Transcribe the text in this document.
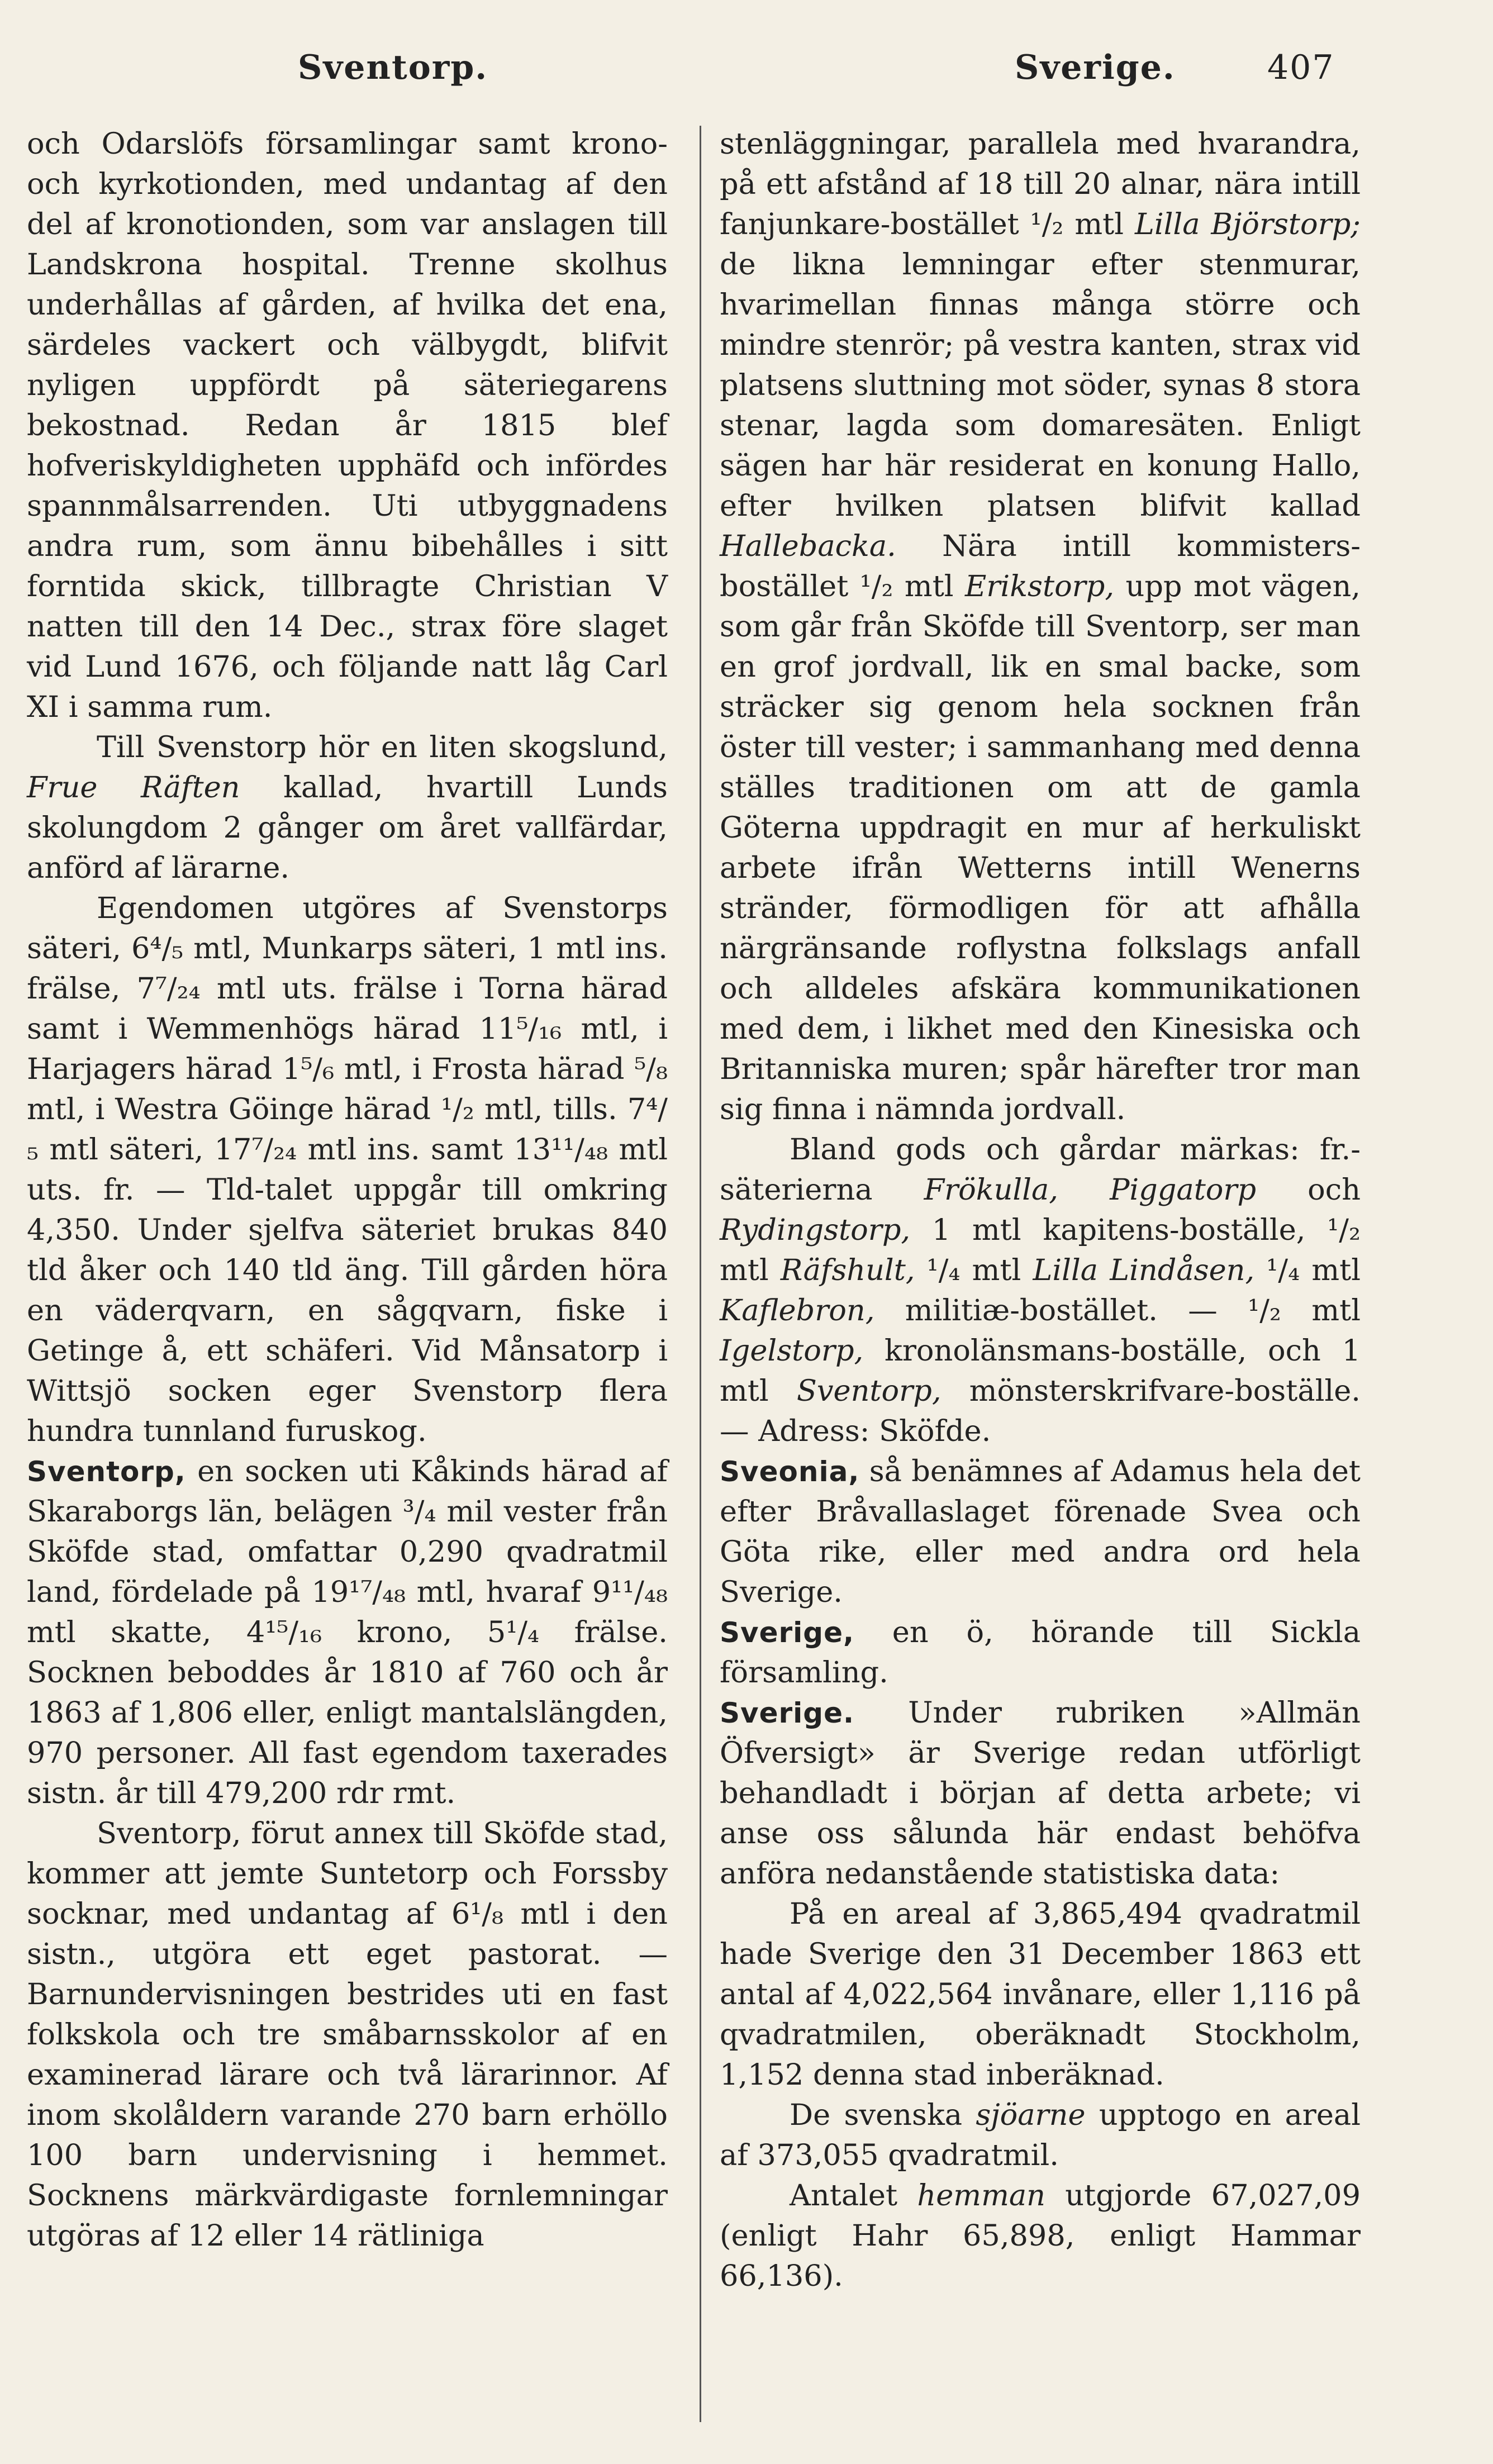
Sventorp.	Sverige.	407

och Odarslöfs församlingar samt krono- och kyrkotionden, med undantag af den del af kronotionden, som var anslagen till Landskrona hospital. Trenne skolhus underhållas af gården, af hvilka det ena, särdeles vackert och välbygdt, blifvit nyligen uppfördt på säteriegarens bekostnad. Redan år 1815 blef hofveriskyldigheten upphäfd och infördes spannmålsarrenden. Uti utbyggnadens andra rum, som ännu bibehålles i sitt forntida skick, tillbragte Christian V natten till den 14 Dec., strax före slaget vid Lund 1676, och följande natt låg Carl XI i samma rum.

Till Svenstorp hör en liten skogslund, Frue Räften kallad, hvartill Lunds skolungdom 2 gånger om året vallfärdar, anförd af lärarne.

Egendomen utgöres af Svenstorps säteri, 6⁴/₅ mtl, Munkarps säteri, 1 mtl ins. frälse, 7⁷/₂₄ mtl uts. frälse i Torna härad samt i Wemmenhögs härad 11⁵/₁₆ mtl, i Harjagers härad 1⁵/₆ mtl, i Frosta härad ⁵/₈ mtl, i Westra Göinge härad ¹/₂ mtl, tills. 7⁴/₅ mtl säteri, 17⁷/₂₄ mtl ins. samt 13¹¹/₄₈ mtl uts. fr. — Tld-talet uppgår till omkring 4,350. Under sjelfva säteriet brukas 840 tld åker och 140 tld äng. Till gården höra en väderqvarn, en sågqvarn, fiske i Getinge å, ett schäferi. Vid Månsatorp i Wittsjö socken eger Svenstorp flera hundra tunnland furuskog.

Sventorp, en socken uti Kåkinds härad af Skaraborgs län, belägen ³/₄ mil vester från Sköfde stad, omfattar 0,290 qvadratmil land, fördelade på 19¹⁷/₄₈ mtl, hvaraf 9¹¹/₄₈ mtl skatte, 4¹⁵/₁₆ krono, 5¹/₄ frälse. Socknen beboddes år 1810 af 760 och år 1863 af 1,806 eller, enligt mantalslängden, 970 personer. All fast egendom taxerades sistn. år till 479,200 rdr rmt.

Sventorp, förut annex till Sköfde stad, kommer att jemte Suntetorp och Forssby socknar, med undantag af 6¹/₈ mtl i den sistn., utgöra ett eget pastorat. — Barnundervisningen bestrides uti en fast folkskola och tre småbarnsskolor af en examinerad lärare och två lärarinnor. Af inom skolåldern varande 270 barn erhöllo 100 barn undervisning i hemmet. Socknens märkvärdigaste fornlemningar utgöras af 12 eller 14 rätliniga

stenläggningar, parallela med hvarandra, på ett afstånd af 18 till 20 alnar, nära intill fanjunkare-bostället ¹/₂ mtl Lilla Björstorp; de likna lemningar efter stenmurar, hvarimellan finnas många större och mindre stenrör; på vestra kanten, strax vid platsens sluttning mot söder, synas 8 stora stenar, lagda som domaresäten. Enligt sägen har här residerat en konung Hallo, efter hvilken platsen blifvit kallad Hallebacka. Nära intill kommisters-bostället ¹/₂ mtl Erikstorp, upp mot vägen, som går från Sköfde till Sventorp, ser man en grof jordvall, lik en smal backe, som sträcker sig genom hela socknen från öster till vester; i sammanhang med denna ställes traditionen om att de gamla Göterna uppdragit en mur af herkuliskt arbete ifrån Wetterns intill Wenerns stränder, förmodligen för att afhålla närgränsande roflystna folkslags anfall och alldeles afskära kommunikationen med dem, i likhet med den Kinesiska och Britanniska muren; spår härefter tror man sig finna i nämnda jordvall.

Bland gods och gårdar märkas: fr.-säterierna Frökulla, Piggatorp och Rydingstorp, 1 mtl kapitens-boställe, ¹/₂ mtl Räfshult, ¹/₄ mtl Lilla Lindåsen, ¹/₄ mtl Kaflebron, militiæ-bostället. — ¹/₂ mtl Igelstorp, kronolänsmans-boställe, och 1 mtl Sventorp, mönsterskrifvare-boställe. — Adress: Sköfde.

Sveonia, så benämnes af Adamus hela det efter Bråvallaslaget förenade Svea och Göta rike, eller med andra ord hela Sverige.

Sverige, en ö, hörande till Sickla församling.

Sverige. Under rubriken »Allmän Öfversigt» är Sverige redan utförligt behandladt i början af detta arbete; vi anse oss sålunda här endast behöfva anföra nedanstående statistiska data:

På en areal af 3,865,494 qvadratmil hade Sverige den 31 December 1863 ett antal af 4,022,564 invånare, eller 1,116 på qvadratmilen, oberäknadt Stockholm, 1,152 denna stad inberäknad.

De svenska sjöarne upptogo en areal af 373,055 qvadratmil.

Antalet hemman utgjorde 67,027,09 (enligt Hahr 65,898, enligt Hammar 66,136).
